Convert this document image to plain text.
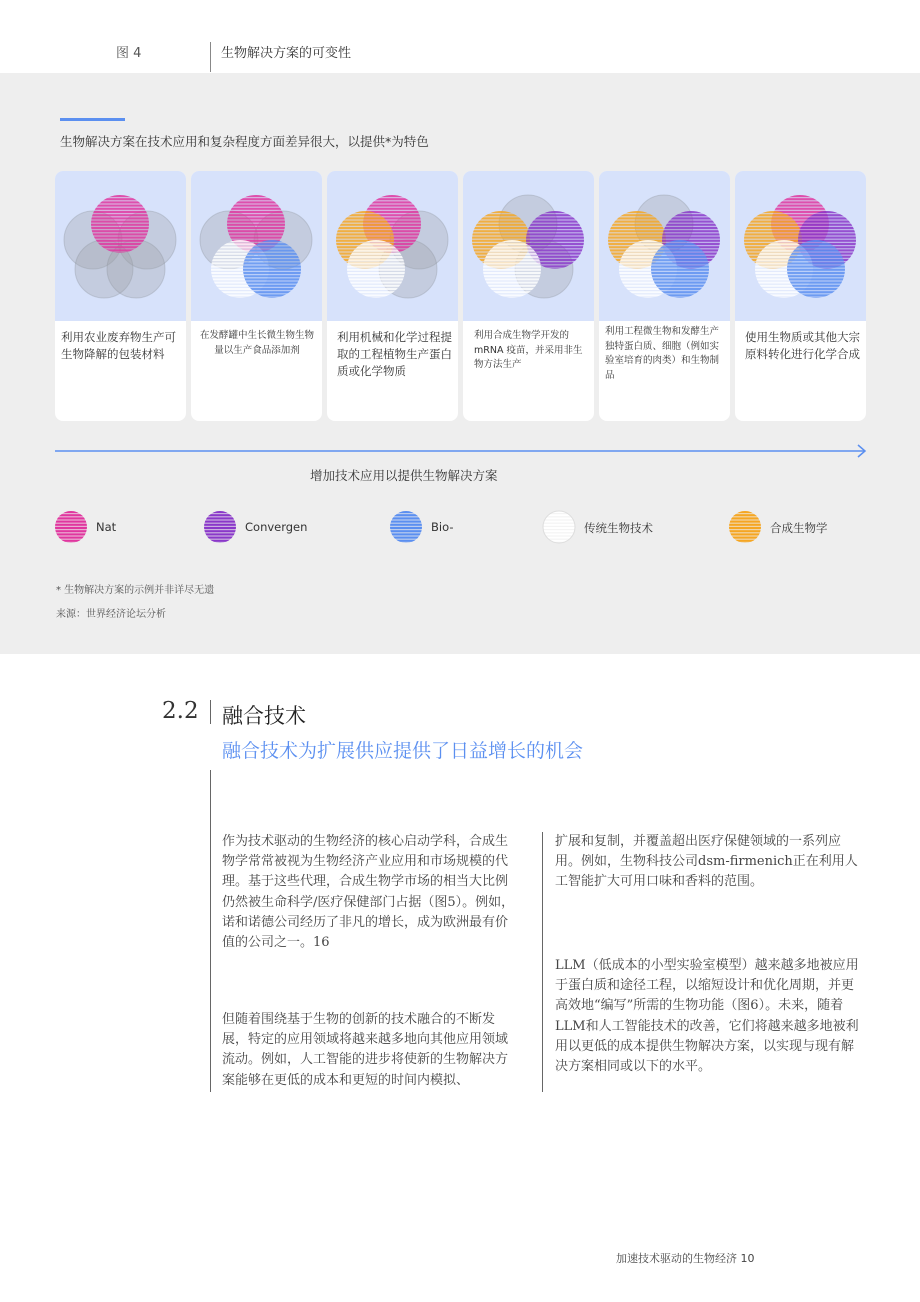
图 4	生物解决方案的可变性
生物解决方案在技术应用和复杂程度方面差异很大，以提供*为特色
利用农业废弃物生产可生物降解的包装材料
在发酵罐中生长微生物生物量以生产食品添加剂
利用机械和化学过程提取的工程植物生产蛋白质或化学物质
利用合成生物学开发的 mRNA 疫苗，并采用非生物方法生产
利用工程微生物和发酵生产独特蛋白质、细胞（例如实验室培育的肉类）和生物制品
使用生物质或其他大宗原料转化进行化学合成
增加技术应用以提供生物解决方案
Nat	Convergen	Bio-	传统生物技术	合成生物学
* 生物解决方案的示例并非详尽无遗
来源：世界经济论坛分析
2.2 融合技术
融合技术为扩展供应提供了日益增长的机会
作为技术驱动的生物经济的核心启动学科，合成生物学常常被视为生物经济产业应用和市场规模的代理。基于这些代理，合成生物学市场的相当大比例仍然被生命科学/医疗保健部门占据（图5）。例如，诺和诺德公司经历了非凡的增长，成为欧洲最有价值的公司之一。16
但随着围绕基于生物的创新的技术融合的不断发展，特定的应用领域将越来越多地向其他应用领域流动。例如，人工智能的进步将使新的生物解决方案能够在更低的成本和更短的时间内模拟、
扩展和复制，并覆盖超出医疗保健领域的一系列应用。例如，生物科技公司dsm-firmenich正在利用人工智能扩大可用口味和香料的范围。
LLM（低成本的小型实验室模型）越来越多地被应用于蛋白质和途径工程，以缩短设计和优化周期，并更高效地“编写”所需的生物功能（图6）。未来，随着LLM和人工智能技术的改善，它们将越来越多地被利用以更低的成本提供生物解决方案，以实现与现有解决方案相同或以下的水平。
加速技术驱动的生物经济 10
